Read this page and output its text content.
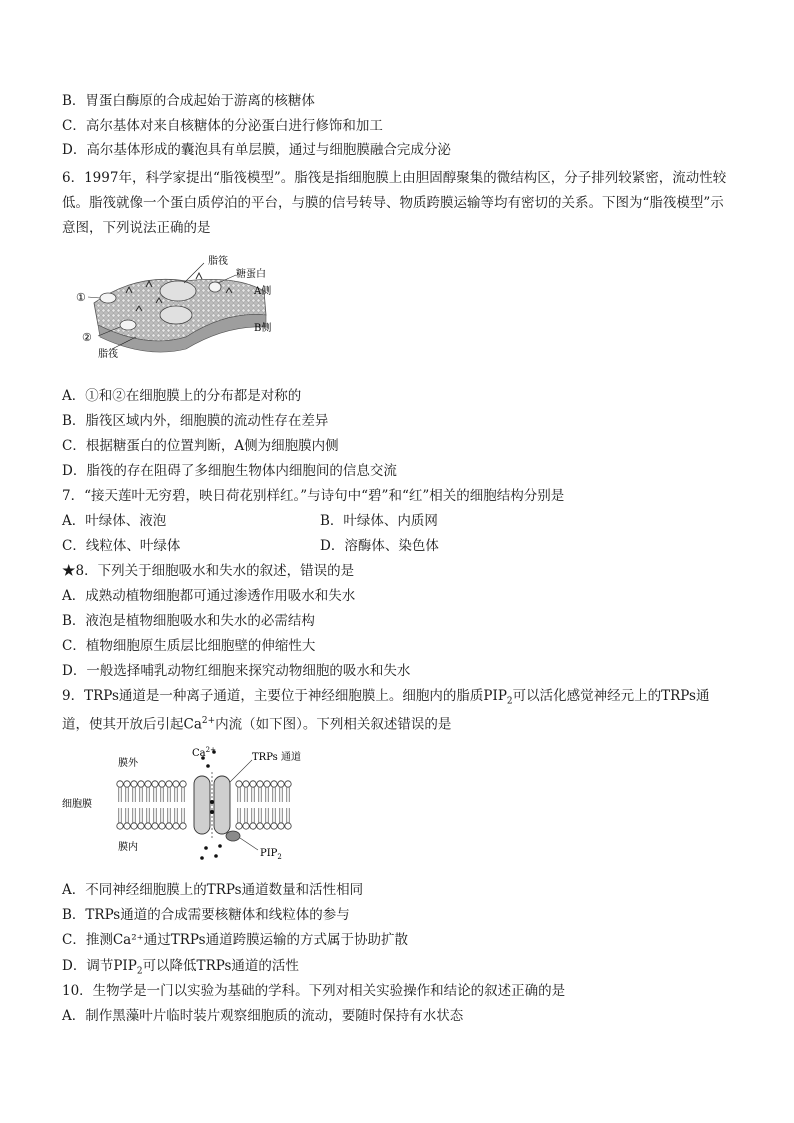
B．胃蛋白酶原的合成起始于游离的核糖体
C．高尔基体对来自核糖体的分泌蛋白进行修饰和加工
D．高尔基体形成的囊泡具有单层膜，通过与细胞膜融合完成分泌
6．1997年，科学家提出“脂筏模型”。脂筏是指细胞膜上由胆固醇聚集的微结构区，分子排列较紧密，流动性较低。脂筏就像一个蛋白质停泊的平台，与膜的信号转导、物质跨膜运输等均有密切的关系。下图为“脂筏模型”示意图，下列说法正确的是
①
②
脂筏
糖蛋白
A侧
B侧
脂筏
A．①和②在细胞膜上的分布都是对称的
B．脂筏区域内外，细胞膜的流动性存在差异
C．根据糖蛋白的位置判断，A侧为细胞膜内侧
D．脂筏的存在阻碍了多细胞生物体内细胞间的信息交流
7．“接天莲叶无穷碧，映日荷花别样红。”与诗句中“碧”和“红”相关的细胞结构分别是
A．叶绿体、液泡	B．叶绿体、内质网
C．线粒体、叶绿体	D．溶酶体、染色体
★8．下列关于细胞吸水和失水的叙述，错误的是
A．成熟动植物细胞都可通过渗透作用吸水和失水
B．液泡是植物细胞吸水和失水的必需结构
C．植物细胞原生质层比细胞壁的伸缩性大
D．一般选择哺乳动物红细胞来探究动物细胞的吸水和失水
9．TRPs通道是一种离子通道，主要位于神经细胞膜上。细胞内的脂质$PIP_2$可以活化感觉神经元上的TRPs通
道，使其开放后引起$Ca^{2+}$内流（如下图）。下列相关叙述错误的是
$Ca^{2+}$
膜外
TRPs 通道
细胞膜
膜内
$PIP_2$
A．不同神经细胞膜上的TRPs通道数量和活性相同
B．TRPs通道的合成需要核糖体和线粒体的参与
C．推测Ca²⁺通过TRPs通道跨膜运输的方式属于协助扩散
D．调节$PIP_2$可以降低TRPs通道的活性
10．生物学是一门以实验为基础的学科。下列对相关实验操作和结论的叙述正确的是
A．制作黑藻叶片临时装片观察细胞质的流动，要随时保持有水状态
